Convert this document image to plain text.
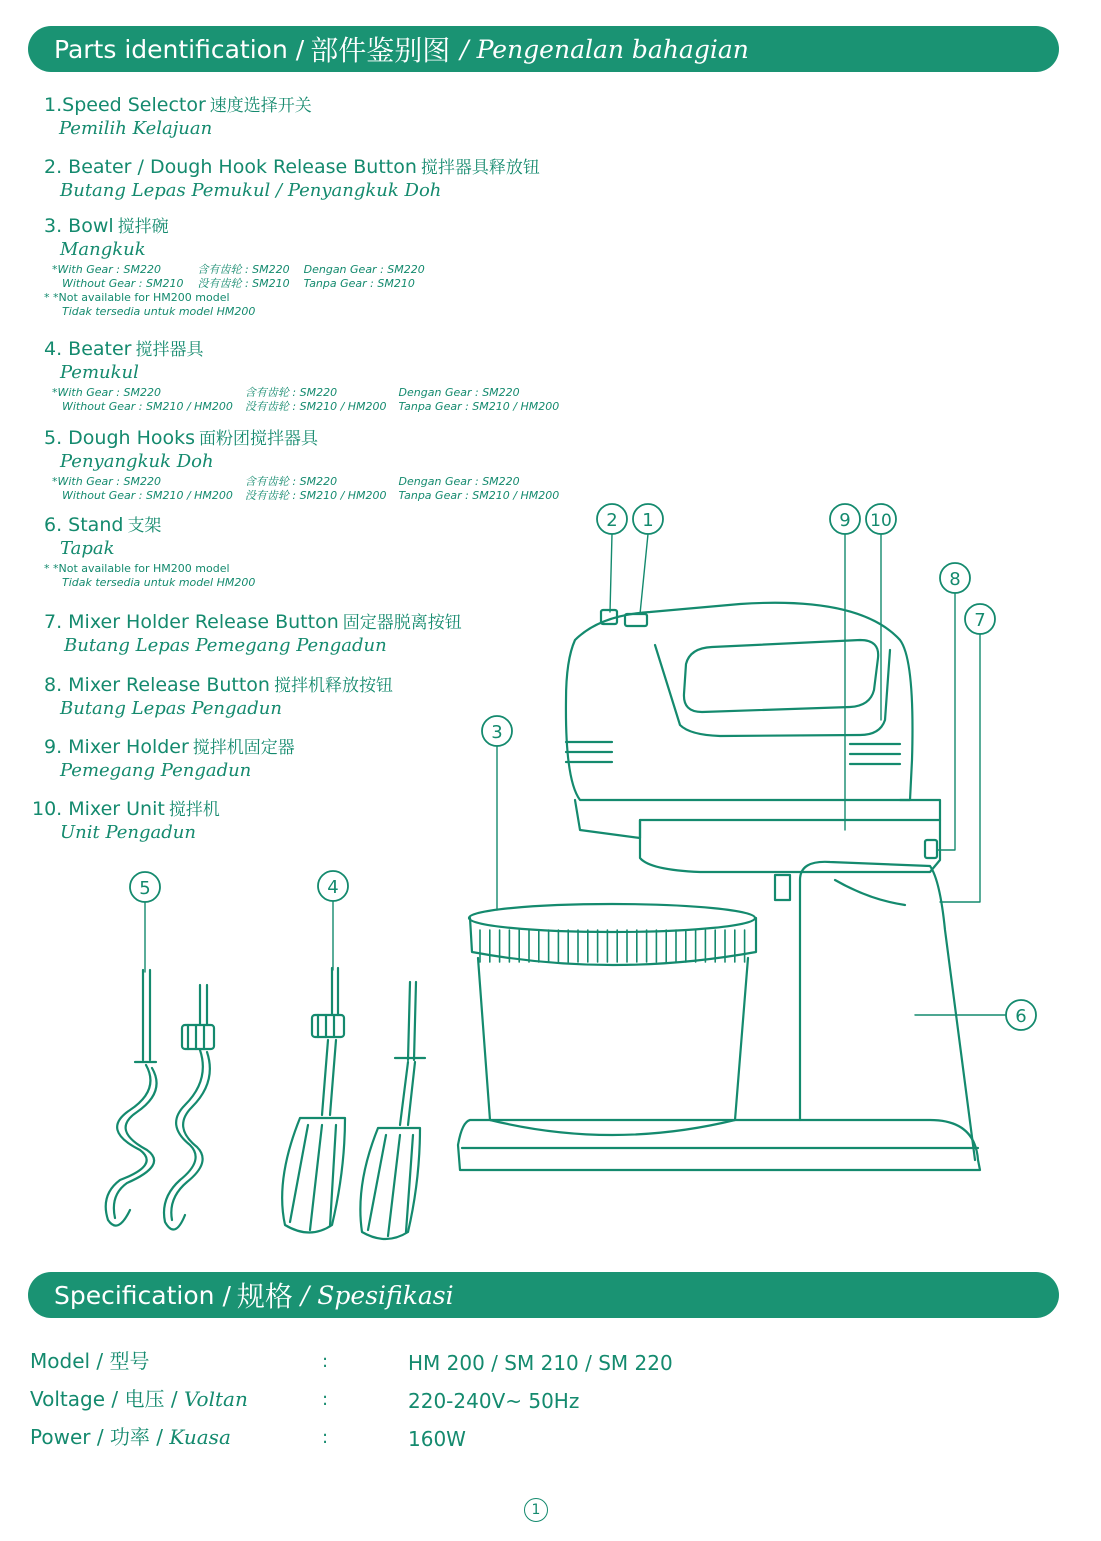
Parts identification / 部件鉴别图 / Pengenalan bahagian
1.Speed Selector 速度选择开关
Pemilih Kelajuan
2. Beater / Dough Hook Release Button 搅拌器具释放钮
Butang Lepas Pemukul / Penyangkuk Doh
3. Bowl 搅拌碗
Mangkuk
*With Gear : SM220	含有齿轮 : SM220 Dengan Gear : SM220
Without Gear : SM210 没有齿轮 : SM210 Tanpa Gear : SM210
* *Not available for HM200 model
Tidak tersedia untuk model HM200
4. Beater 搅拌器具
Pemukul
*With Gear : SM220	含有齿轮 : SM220	Dengan Gear : SM220
Without Gear : SM210 / HM200 没有齿轮 : SM210 / HM200 Tanpa Gear : SM210 / HM200
5. Dough Hooks 面粉团搅拌器具
Penyangkuk Doh
*With Gear : SM220	含有齿轮 : SM220	Dengan Gear : SM220
Without Gear : SM210 / HM200 没有齿轮 : SM210 / HM200 Tanpa Gear : SM210 / HM200
6. Stand 支架
Tapak
* *Not available for HM200 model
Tidak tersedia untuk model HM200
7. Mixer Holder Release Button 固定器脱离按钮
Butang Lepas Pemegang Pengadun
8. Mixer Release Button 搅拌机释放按钮
Butang Lepas Pengadun
9. Mixer Holder 搅拌机固定器
Pemegang Pengadun
10. Mixer Unit 搅拌机
Unit Pengadun
2 1	9 10
8
7
3
6
5	4
Specification / 规格 / Spesifikasi
Model / 型号	:	HM 200 / SM 210 / SM 220
Voltage / 电压 / Voltan	:	220-240V~ 50Hz
Power / 功率 / Kuasa	:	160W
1
